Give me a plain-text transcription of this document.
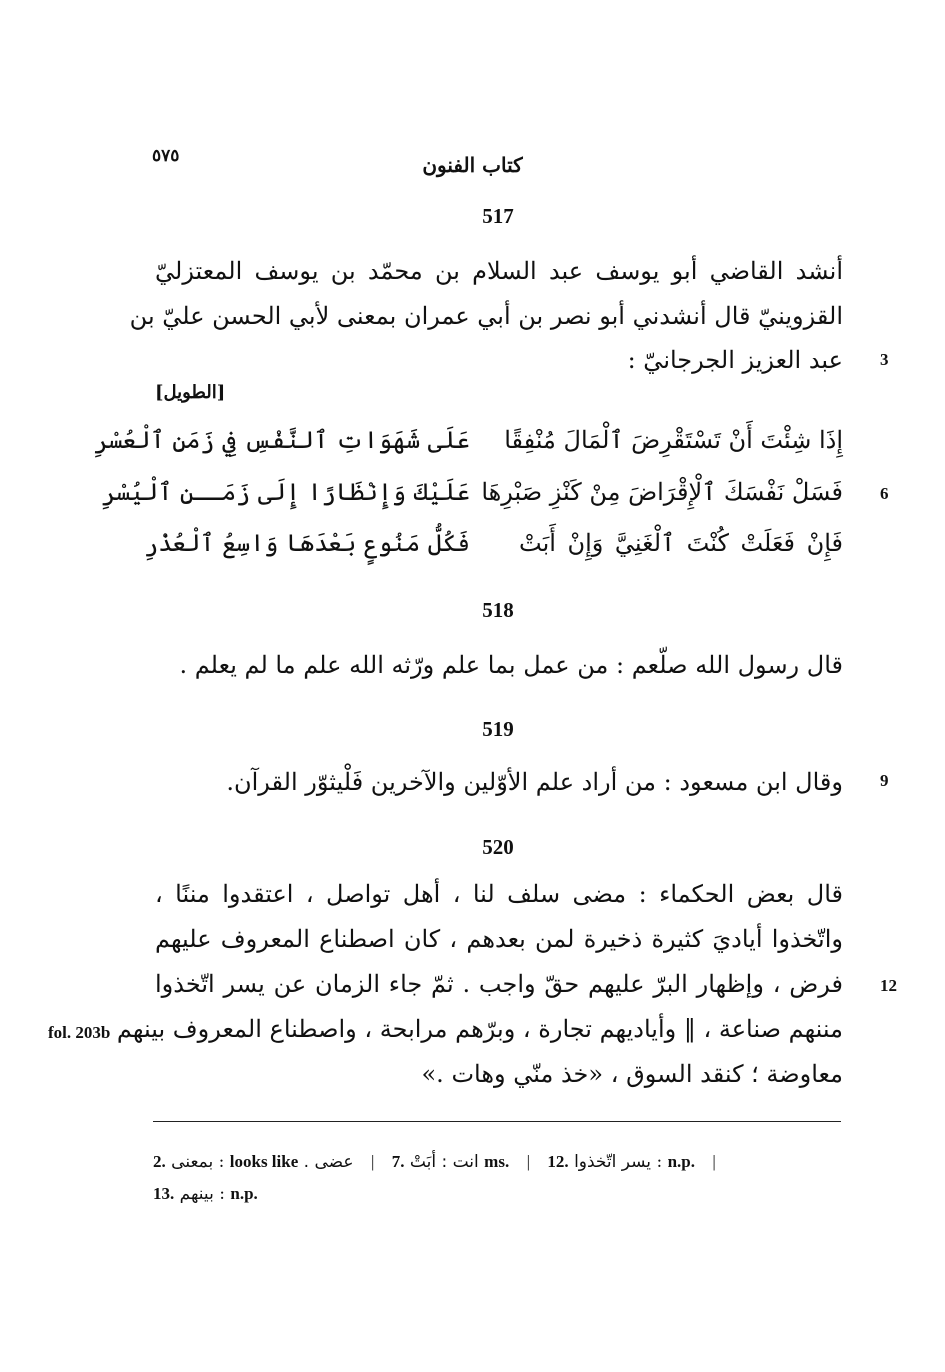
٥٧٥	كتاب الفنون
517
أنشد القاضي أبو يوسف عبد السلام بن محمّد بن يوسف المعتزليّ
القزوينيّ قال أنشدني أبو نصر بن أبي عمران بمعنى لأبي الحسن عليّ بن
عبد العزيز الجرجانيّ : 3
[الطويل]
إِذَا شِئْتَ أَنْ تَسْتَقْرِضَ ٱلْمَالَ مُنْفِقًا
عَلَى شَهَوَاتِ ٱلنَّفْسِ فِي زَمَنِ ٱلْعُسْرِ
فَسَلْ نَفْسَكَ ٱلْإِقْرَاضَ مِنْ كَنْزِ صَبْرِهَا
عَلَيْكَ وَإِنْظَارًا إِلَى زَمَــنِ ٱلْيُسْرِ	6
فَإِنْ فَعَلَتْ كُنْتَ ٱلْغَنِيَّ وَإِنْ أَبَتْ
فَكُلُّ مَنُوعٍ بَعْدَهَا وَاسِعُ ٱلْعُذْرِ
518
قال رسول الله صلّعم : من عمل بما علم ورّثه الله علم ما لم يعلم .
519
وقال ابن مسعود : من أراد علم الأوّلين والآخرين فَلْيثوّر القرآن. 9
520
قال بعض الحكماء : مضى سلف لنا ، أهل تواصل ، اعتقدوا مننًا ،
واتّخذوا أياديَ كثيرة ذخيرة لمن بعدهم ، كان اصطناع المعروف عليهم
فرض ، وإظهار البرّ عليهم حقّ واجب . ثمّ جاء الزمان عن يسر اتّخذوا 12
مننهم صناعة ، ‖ وأياديهم تجارة ، وبرّهم مرابحة ، واصطناع المعروف بينهم
معاوضة ؛ كنقد السوق ، «خذ منّي وهات .»
fol. 203b
2. بمعنى : looks like عضى . | 7. أبَتْ انت : ms. | 12. يسر اتّخذوا : n.p. |
13. بينهم : n.p.
